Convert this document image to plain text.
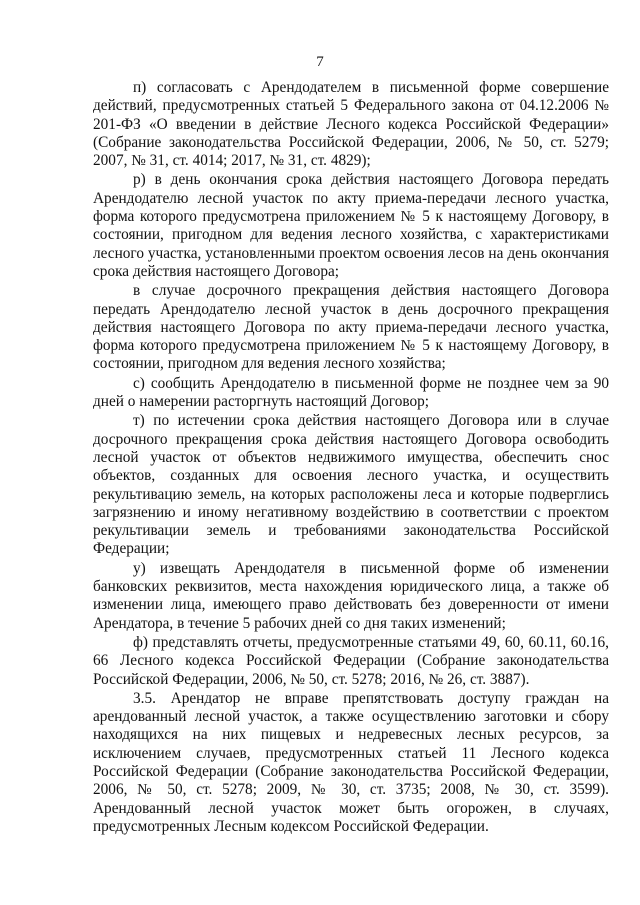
7

п) согласовать с Арендодателем в письменной форме совершение действий, предусмотренных статьей 5 Федерального закона от 04.12.2006 № 201-ФЗ «О введении в действие Лесного кодекса Российской Федерации» (Собрание законодательства Российской Федерации, 2006, № 50, ст. 5279; 2007, № 31, ст. 4014; 2017, № 31, ст. 4829);

р) в день окончания срока действия настоящего Договора передать Арендодателю лесной участок по акту приема-передачи лесного участка, форма которого предусмотрена приложением № 5 к настоящему Договору, в состоянии, пригодном для ведения лесного хозяйства, с характеристиками лесного участка, установленными проектом освоения лесов на день окончания срока действия настоящего Договора;

в случае досрочного прекращения действия настоящего Договора передать Арендодателю лесной участок в день досрочного прекращения действия настоящего Договора по акту приема-передачи лесного участка, форма которого предусмотрена приложением № 5 к настоящему Договору, в состоянии, пригодном для ведения лесного хозяйства;

с) сообщить Арендодателю в письменной форме не позднее чем за 90 дней о намерении расторгнуть настоящий Договор;

т) по истечении срока действия настоящего Договора или в случае досрочного прекращения срока действия настоящего Договора освободить лесной участок от объектов недвижимого имущества, обеспечить снос объектов, созданных для освоения лесного участка, и осуществить рекультивацию земель, на которых расположены леса и которые подверглись загрязнению и иному негативному воздействию в соответствии с проектом рекультивации земель и требованиями законодательства Российской Федерации;

у) извещать Арендодателя в письменной форме об изменении банковских реквизитов, места нахождения юридического лица, а также об изменении лица, имеющего право действовать без доверенности от имени Арендатора, в течение 5 рабочих дней со дня таких изменений;

ф) представлять отчеты, предусмотренные статьями 49, 60, 60.11, 60.16, 66 Лесного кодекса Российской Федерации (Собрание законодательства Российской Федерации, 2006, № 50, ст. 5278; 2016, № 26, ст. 3887).

3.5. Арендатор не вправе препятствовать доступу граждан на арендованный лесной участок, а также осуществлению заготовки и сбору находящихся на них пищевых и недревесных лесных ресурсов, за исключением случаев, предусмотренных статьей 11 Лесного кодекса Российской Федерации (Собрание законодательства Российской Федерации, 2006, № 50, ст. 5278; 2009, № 30, ст. 3735; 2008, № 30, ст. 3599). Арендованный лесной участок может быть огорожен, в случаях, предусмотренных Лесным кодексом Российской Федерации.
